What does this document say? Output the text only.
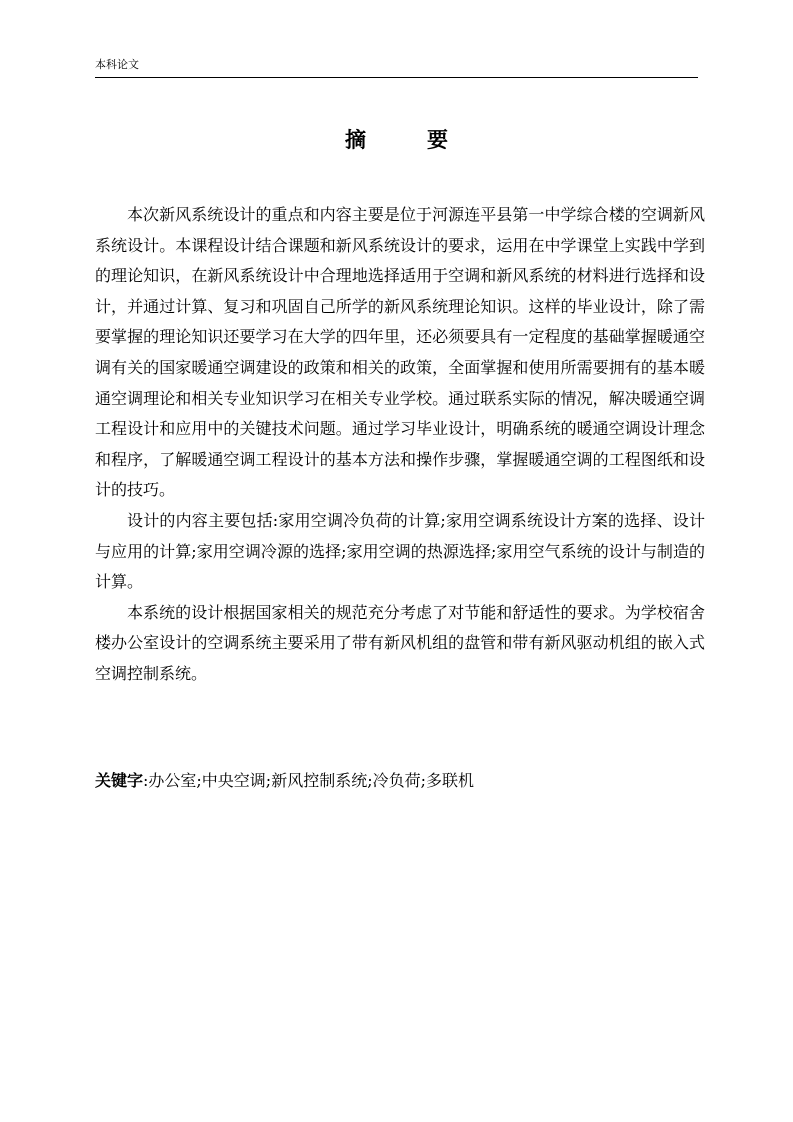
本科论文
摘　要

本次新风系统设计的重点和内容主要是位于河源连平县第一中学综合楼的空调新风系统设计。本课程设计结合课题和新风系统设计的要求，运用在中学课堂上实践中学到的理论知识，在新风系统设计中合理地选择适用于空调和新风系统的材料进行选择和设计，并通过计算、复习和巩固自己所学的新风系统理论知识。这样的毕业设计，除了需要掌握的理论知识还要学习在大学的四年里，还必须要具有一定程度的基础掌握暖通空调有关的国家暖通空调建设的政策和相关的政策，全面掌握和使用所需要拥有的基本暖通空调理论和相关专业知识学习在相关专业学校。通过联系实际的情况，解决暖通空调工程设计和应用中的关键技术问题。通过学习毕业设计，明确系统的暖通空调设计理念和程序，了解暖通空调工程设计的基本方法和操作步骤，掌握暖通空调的工程图纸和设计的技巧。

设计的内容主要包括:家用空调冷负荷的计算;家用空调系统设计方案的选择、设计与应用的计算;家用空调冷源的选择;家用空调的热源选择;家用空气系统的设计与制造的计算。

本系统的设计根据国家相关的规范充分考虑了对节能和舒适性的要求。为学校宿舍楼办公室设计的空调系统主要采用了带有新风机组的盘管和带有新风驱动机组的嵌入式空调控制系统。

关键字:办公室;中央空调;新风控制系统;冷负荷;多联机
